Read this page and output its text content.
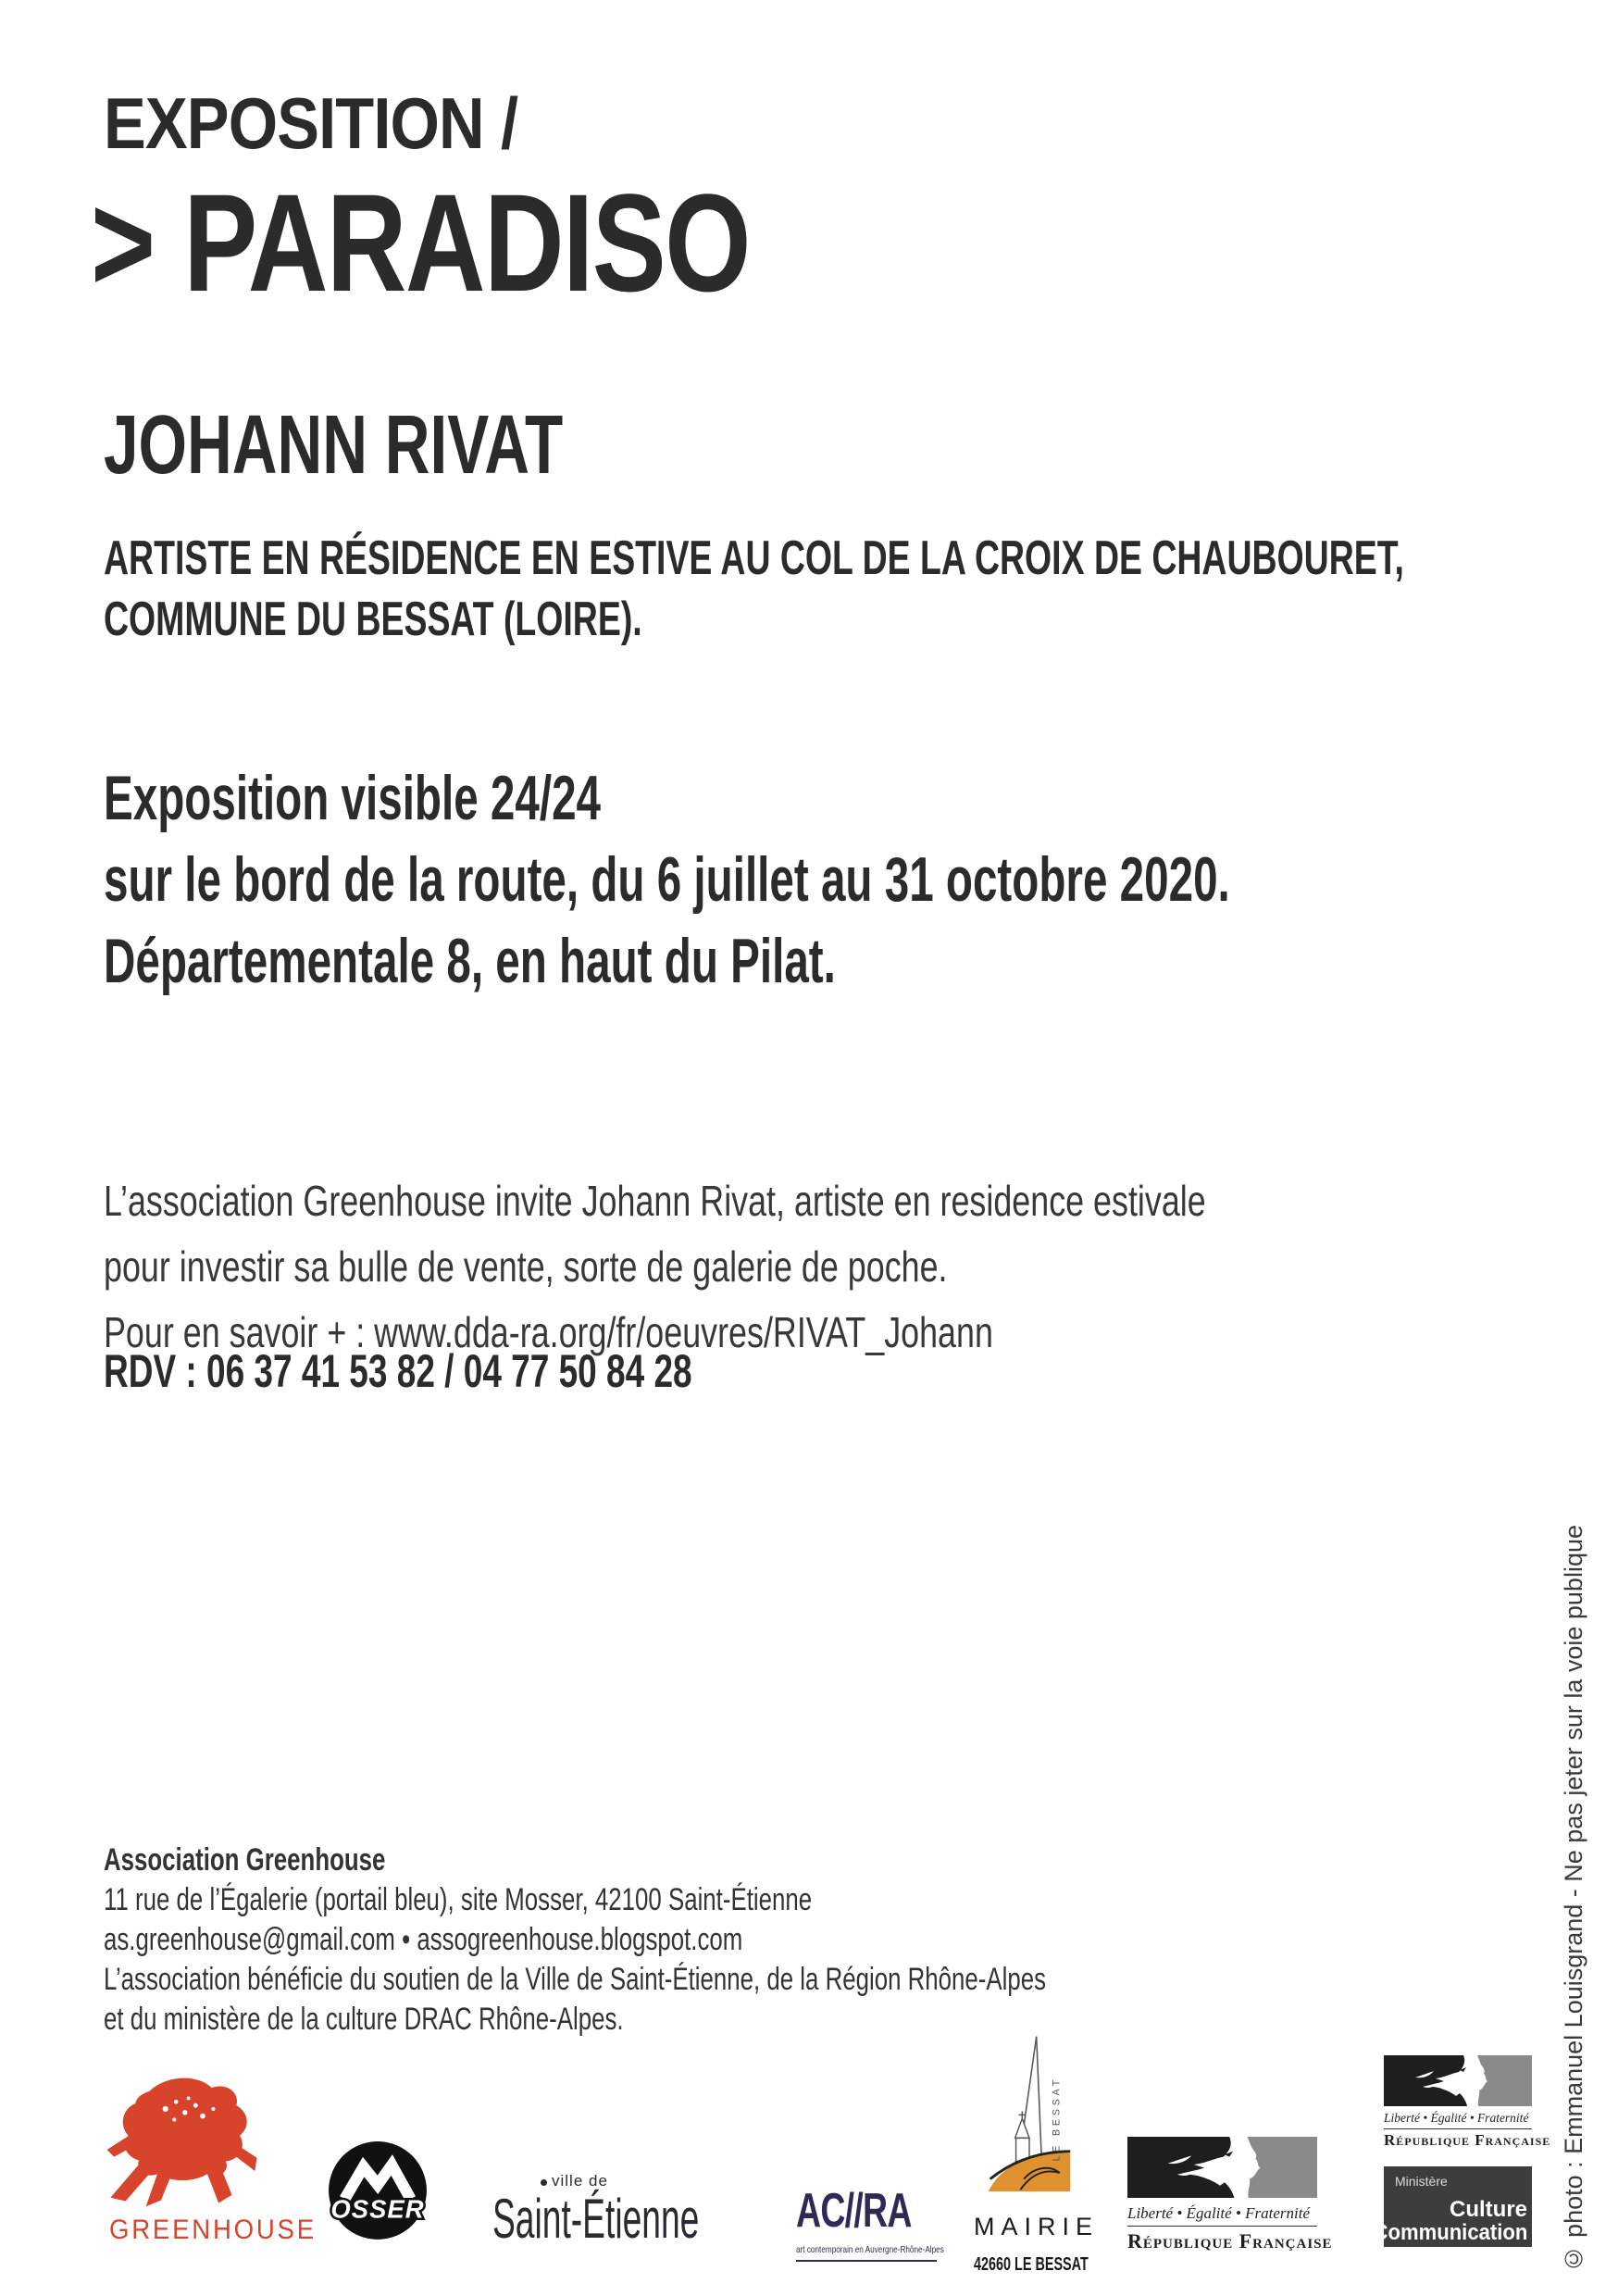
EXPOSITION /
> PARADISO
JOHANN RIVAT
ARTISTE EN RÉSIDENCE EN ESTIVE AU COL DE LA CROIX DE CHAUBOURET,
COMMUNE DU BESSAT (LOIRE).
Exposition visible 24/24
sur le bord de la route, du 6 juillet au 31 octobre 2020.
Départementale 8, en haut du Pilat.
L’association Greenhouse invite Johann Rivat, artiste en residence estivale
pour investir sa bulle de vente, sorte de galerie de poche.
Pour en savoir + : www.dda-ra.org/fr/oeuvres/RIVAT_Johann
RDV : 06 37 41 53 82 / 04 77 50 84 28
Association Greenhouse
11 rue de l’Égalerie (portail bleu), site Mosser, 42100 Saint-Étienne
as.greenhouse@gmail.com • assogreenhouse.blogspot.com
L’association bénéficie du soutien de la Ville de Saint-Étienne, de la Région Rhône-Alpes
et du ministère de la culture DRAC Rhône-Alpes.	© photo : Emmanuel Louisgrand - Ne pas jeter sur la voie publique
GREENHOUSE
OSSER
ville de
Saint-Étienne AC//RA
art contemporain en Auvergne-Rhône-Alpes
LE BESSAT
MAIRIE
42660 LE BESSAT
Liberté • Égalité • Fraternité
République Française
Liberté • Égalité • Fraternité
République Française
Ministère
Culture
Communication
